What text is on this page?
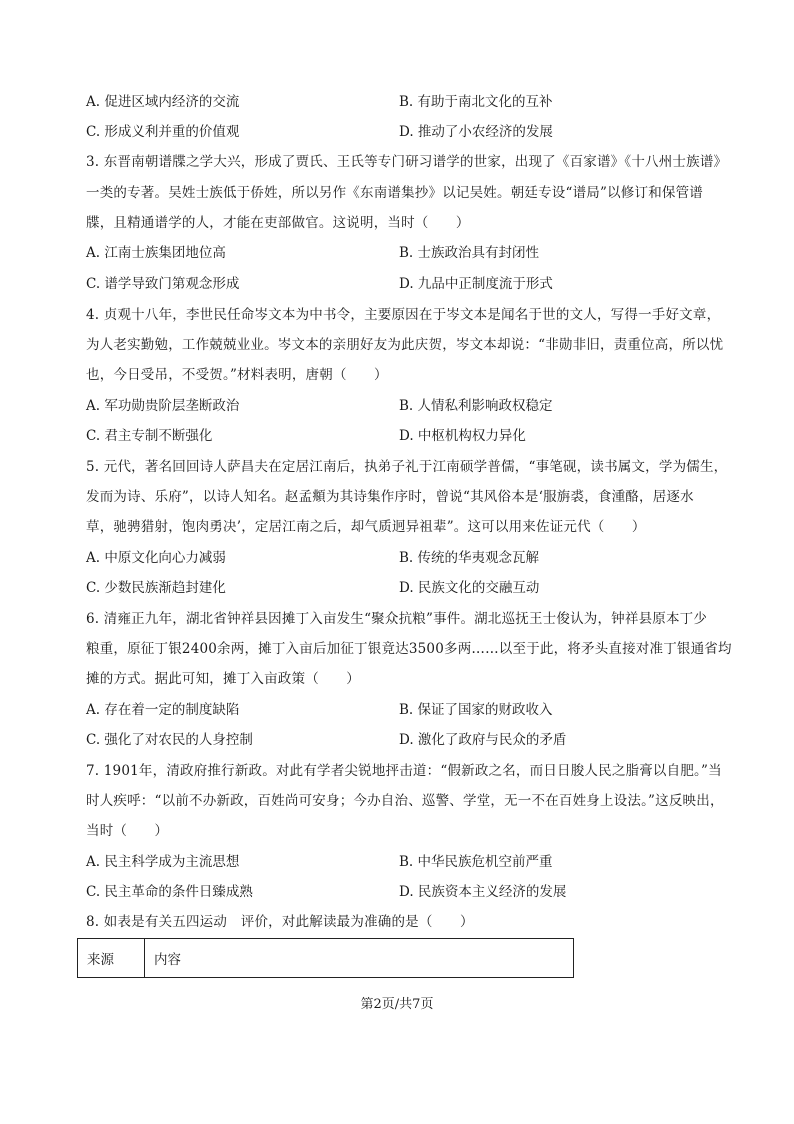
A. 促进区域内经济的交流	B. 有助于南北文化的互补
C. 形成义利并重的价值观	D. 推动了小农经济的发展
3. 东晋南朝谱牒之学大兴，形成了贾氏、王氏等专门研习谱学的世家，出现了《百家谱》《十八州士族谱》
一类的专著。吴姓士族低于侨姓，所以另作《东南谱集抄》以记吴姓。朝廷专设“谱局”以修订和保管谱
牒，且精通谱学的人，才能在吏部做官。这说明，当时（　　）
A. 江南士族集团地位高	B. 士族政治具有封闭性
C. 谱学导致门第观念形成	D. 九品中正制度流于形式
4. 贞观十八年，李世民任命岑文本为中书令，主要原因在于岑文本是闻名于世的文人，写得一手好文章，
为人老实勤勉，工作兢兢业业。岑文本的亲朋好友为此庆贺，岑文本却说：“非勋非旧，责重位高，所以忧
也，今日受吊，不受贺。”材料表明，唐朝（　　）
A. 军功勋贵阶层垄断政治	B. 人情私利影响政权稳定
C. 君主专制不断强化	D. 中枢机构权力异化
5. 元代，著名回回诗人萨昌夫在定居江南后，执弟子礼于江南硕学普儒，“事笔砚，读书属文，学为儒生，
发而为诗、乐府”，以诗人知名。赵孟頫为其诗集作序时，曾说“其风俗本是‘服旃裘，食湩酪，居逐水
草，驰骋猎射，饱肉勇决’，定居江南之后，却气质迥异祖辈”。这可以用来佐证元代（　　）
A. 中原文化向心力减弱	B. 传统的华夷观念瓦解
C. 少数民族渐趋封建化	D. 民族文化的交融互动
6. 清雍正九年，湖北省钟祥县因摊丁入亩发生“聚众抗粮”事件。湖北巡抚王士俊认为，钟祥县原本丁少
粮重，原征丁银2400余两，摊丁入亩后加征丁银竟达3500多两……以至于此，将矛头直接对准丁银通省均
摊的方式。据此可知，摊丁入亩政策（　　）
A. 存在着一定的制度缺陷	B. 保证了国家的财政收入
C. 强化了对农民的人身控制	D. 激化了政府与民众的矛盾
7. 1901年，清政府推行新政。对此有学者尖锐地抨击道：“假新政之名，而日日朘人民之脂膏以自肥。”当
时人疾呼：“以前不办新政，百姓尚可安身；今办自治、巡警、学堂，无一不在百姓身上设法。”这反映出，
当时（　　）
A. 民主科学成为主流思想	B. 中华民族危机空前严重
C. 民主革命的条件日臻成熟	D. 民族资本主义经济的发展
8. 如表是有关五四运动　评价，对此解读最为准确的是（　　）
来源	内容
第2页/共7页
